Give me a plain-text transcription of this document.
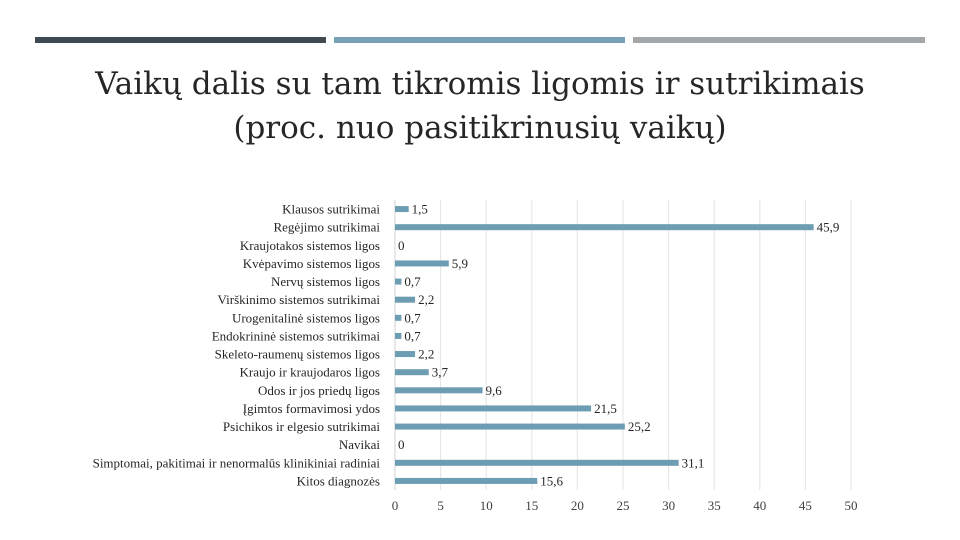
Vaikų dalis su tam tikromis ligomis ir sutrikimais
(proc. nuo pasitikrinusių vaikų)
0	5	10	15	20	25	30	35	40	45	50
Klausos sutrikimai 1,5
Regėjimo sutrikimai	45,9
Kraujotakos sistemos ligos 0
Kvėpavimo sistemos ligos	5,9
Nervų sistemos ligos 0,7
Virškinimo sistemos sutrikimai	2,2
Urogenitalinė sistemos ligos 0,7
Endokrininė sistemos sutrikimai 0,7
Skeleto-raumenų sistemos ligos	2,2
Kraujo ir kraujodaros ligos	3,7
Odos ir jos priedų ligos	9,6
Įgimtos formavimosi ydos	21,5
Psichikos ir elgesio sutrikimai	25,2
Navikai 0
Simptomai, pakitimai ir nenormalūs klinikiniai radiniai	31,1
Kitos diagnozės	15,6
